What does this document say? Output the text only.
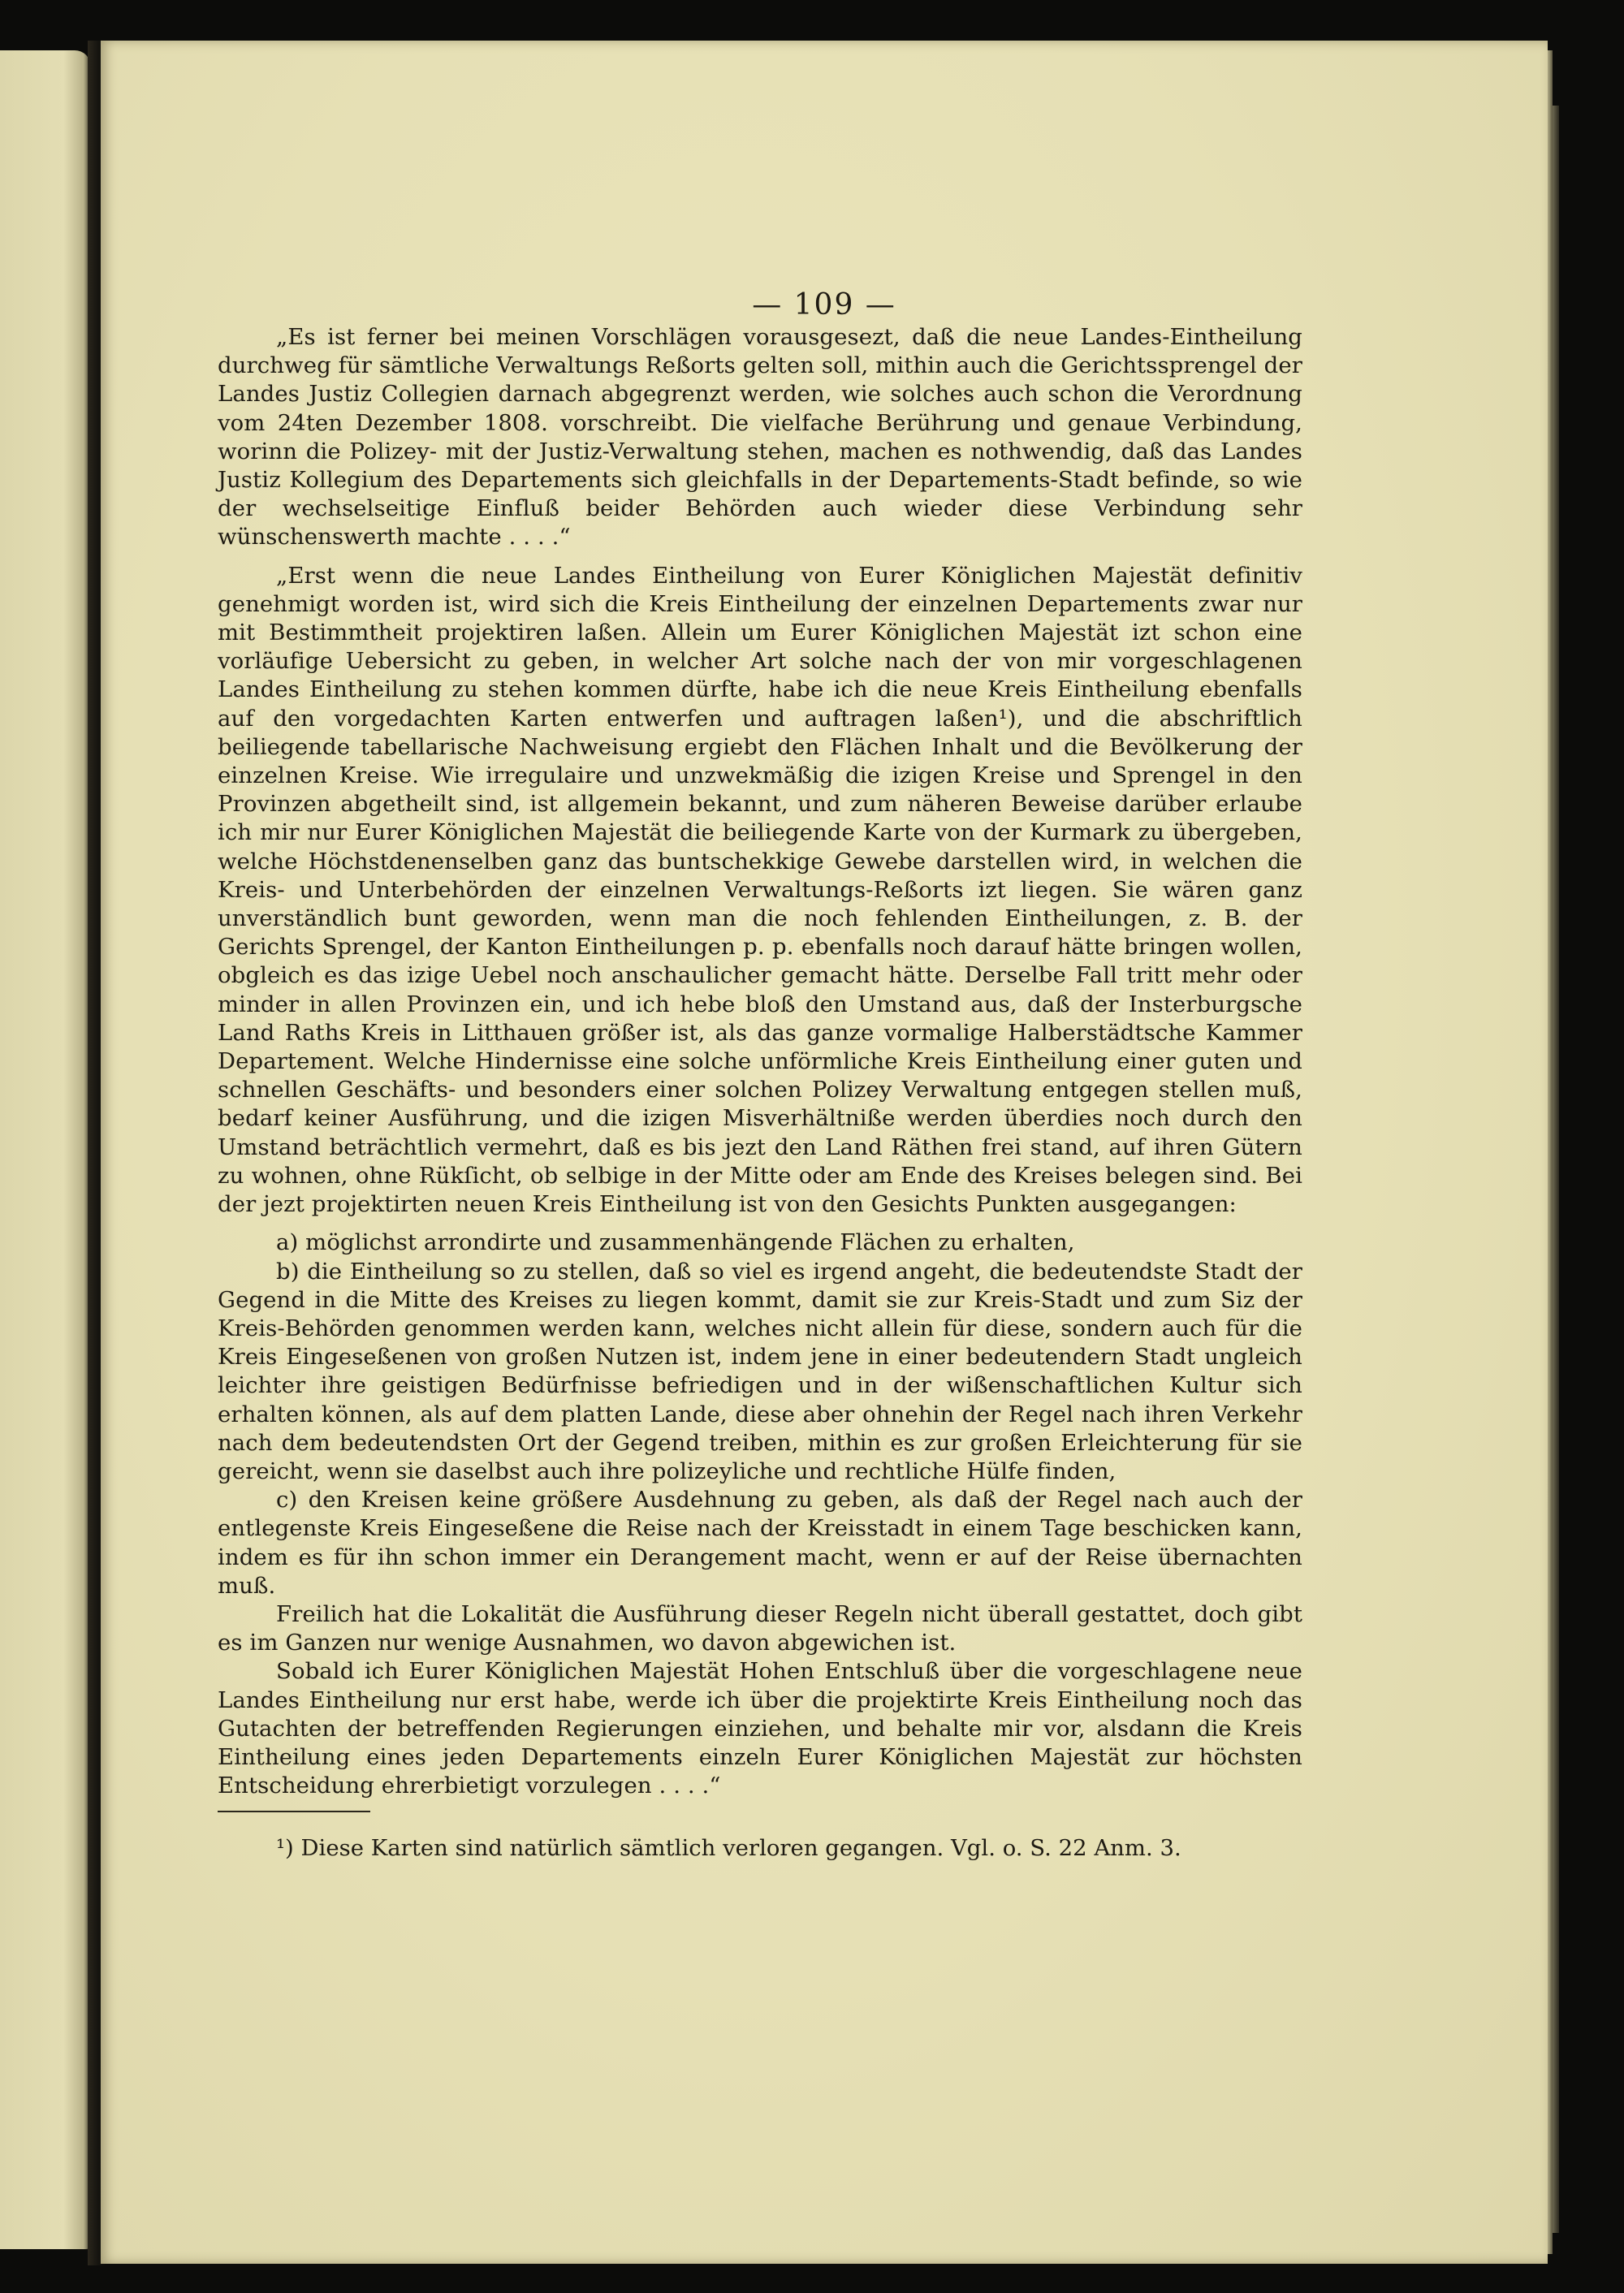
— 109 —

„Es ist ferner bei meinen Vorschlägen vorausgesezt, daß die neue Landes-Eintheilung durchweg für sämtliche Verwaltungs Reßorts gelten soll, mithin auch die Gerichtssprengel der Landes Justiz Collegien darnach abgegrenzt werden, wie solches auch schon die Verordnung vom 24ten Dezember 1808. vorschreibt. Die vielfache Berührung und genaue Verbindung, worinn die Polizey- mit der Justiz-Verwaltung stehen, machen es nothwendig, daß das Landes Justiz Kollegium des Departements sich gleichfalls in der Departements-Stadt befinde, so wie der wechselseitige Einfluß beider Behörden auch wieder diese Verbindung sehr wünschenswerth machte . . . .“

„Erst wenn die neue Landes Eintheilung von Eurer Königlichen Majestät definitiv genehmigt worden ist, wird sich die Kreis Eintheilung der einzelnen Departements zwar nur mit Bestimmtheit projektiren laßen. Allein um Eurer Königlichen Majestät izt schon eine vorläufige Uebersicht zu geben, in welcher Art solche nach der von mir vorgeschlagenen Landes Eintheilung zu stehen kommen dürfte, habe ich die neue Kreis Eintheilung ebenfalls auf den vorgedachten Karten entwerfen und auftragen laßen¹), und die abschriftlich beiliegende tabellarische Nachweisung ergiebt den Flächen Inhalt und die Bevölkerung der einzelnen Kreise. Wie irregulaire und unzwekmäßig die izigen Kreise und Sprengel in den Provinzen abgetheilt sind, ist allgemein bekannt, und zum näheren Beweise darüber erlaube ich mir nur Eurer Königlichen Majestät die beiliegende Karte von der Kurmark zu übergeben, welche Höchstdenenselben ganz das buntschekkige Gewebe darstellen wird, in welchen die Kreis- und Unterbehörden der einzelnen Verwaltungs-Reßorts izt liegen. Sie wären ganz unverständlich bunt geworden, wenn man die noch fehlenden Eintheilungen, z. B. der Gerichts Sprengel, der Kanton Eintheilungen p. p. ebenfalls noch darauf hätte bringen wollen, obgleich es das izige Uebel noch anschaulicher gemacht hätte. Derselbe Fall tritt mehr oder minder in allen Provinzen ein, und ich hebe bloß den Umstand aus, daß der Insterburgsche Land Raths Kreis in Litthauen größer ist, als das ganze vormalige Halberstädtsche Kammer Departement. Welche Hindernisse eine solche unförmliche Kreis Eintheilung einer guten und schnellen Geschäfts- und besonders einer solchen Polizey Verwaltung entgegen stellen muß, bedarf keiner Ausführung, und die izigen Misverhältniße werden überdies noch durch den Umstand beträchtlich vermehrt, daß es bis jezt den Land Räthen frei stand, auf ihren Gütern zu wohnen, ohne Rükſicht, ob selbige in der Mitte oder am Ende des Kreises belegen sind. Bei der jezt projektirten neuen Kreis Eintheilung ist von den Gesichts Punkten ausgegangen:

a) möglichst arrondirte und zusammenhängende Flächen zu erhalten,

b) die Eintheilung so zu stellen, daß so viel es irgend angeht, die bedeutendste Stadt der Gegend in die Mitte des Kreises zu liegen kommt, damit sie zur Kreis-Stadt und zum Siz der Kreis-Behörden genommen werden kann, welches nicht allein für diese, sondern auch für die Kreis Eingeseßenen von großen Nutzen ist, indem jene in einer bedeutendern Stadt ungleich leichter ihre geistigen Bedürfnisse befriedigen und in der wißenschaftlichen Kultur sich erhalten können, als auf dem platten Lande, diese aber ohnehin der Regel nach ihren Verkehr nach dem bedeutendsten Ort der Gegend treiben, mithin es zur großen Erleichterung für sie gereicht, wenn sie daselbst auch ihre polizeyliche und rechtliche Hülfe finden,

c) den Kreisen keine größere Ausdehnung zu geben, als daß der Regel nach auch der entlegenste Kreis Eingeseßene die Reise nach der Kreisstadt in einem Tage beschicken kann, indem es für ihn schon immer ein Derangement macht, wenn er auf der Reise übernachten muß.

Freilich hat die Lokalität die Ausführung dieser Regeln nicht überall gestattet, doch gibt es im Ganzen nur wenige Ausnahmen, wo davon abgewichen ist.

Sobald ich Eurer Königlichen Majestät Hohen Entschluß über die vorgeschlagene neue Landes Eintheilung nur erst habe, werde ich über die projektirte Kreis Eintheilung noch das Gutachten der betreffenden Regierungen einziehen, und behalte mir vor, alsdann die Kreis Eintheilung eines jeden Departements einzeln Eurer Königlichen Majestät zur höchsten Entscheidung ehrerbietigt vorzulegen . . . .“

¹) Diese Karten sind natürlich sämtlich verloren gegangen. Vgl. o. S. 22 Anm. 3.
